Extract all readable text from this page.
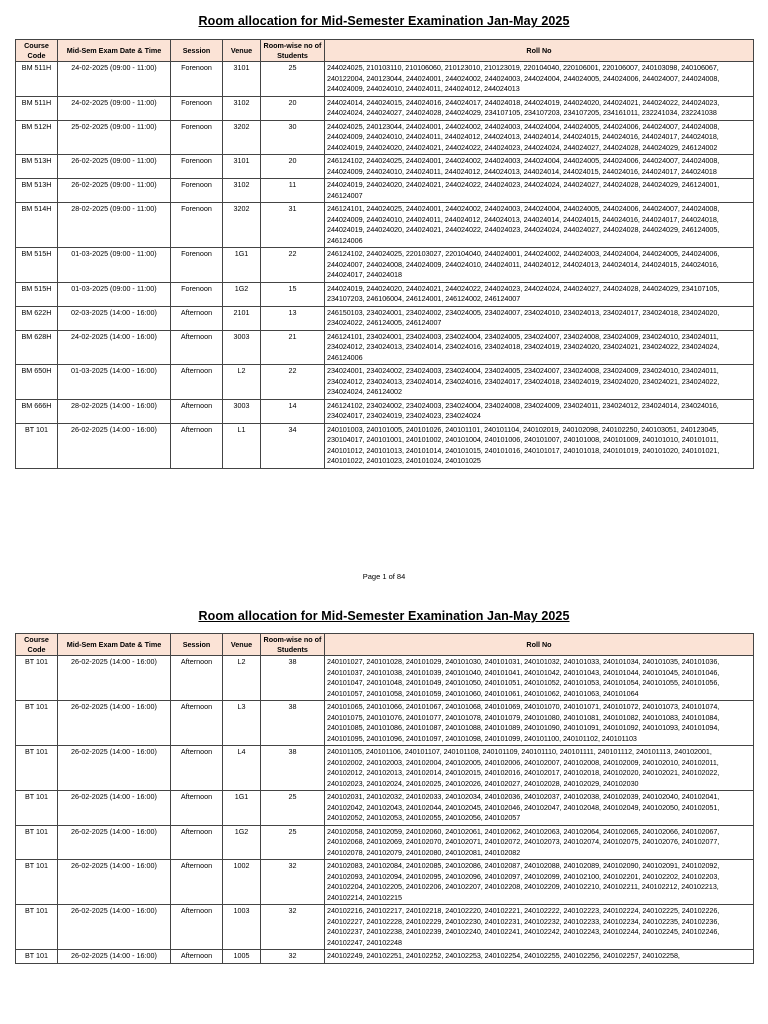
Room allocation for Mid-Semester Examination Jan-May 2025
Course Code	Mid-Sem Exam Date & Time	Session	Venue	Room-wise no of Students	Roll No
BM 511H	24-02-2025 (09:00 - 11:00)	Forenoon	3101	25	244024025, 210103110, 210106060, 210123010, 210123019, 220104040, 220106001, 220106007, 240103098, 240106067, 240122004, 240123044, 244024001, 244024002, 244024003, 244024004, 244024005, 244024006, 244024007, 244024008, 244024009, 244024010, 244024011, 244024012, 244024013
BM 511H	24-02-2025 (09:00 - 11:00)	Forenoon	3102	20	244024014, 244024015, 244024016, 244024017, 244024018, 244024019, 244024020, 244024021, 244024022, 244024023, 244024024, 244024027, 244024028, 244024029, 234107105, 234107203, 234107205, 234161011, 232241034, 232241038
BM 512H	25-02-2025 (09:00 - 11:00)	Forenoon	3202	30	244024025, 240123044, 244024001, 244024002, 244024003, 244024004, 244024005, 244024006, 244024007, 244024008, 244024009, 244024010, 244024011, 244024012, 244024013, 244024014, 244024015, 244024016, 244024017, 244024018, 244024019, 244024020, 244024021, 244024022, 244024023, 244024024, 244024027, 244024028, 244024029, 246124002
BM 513H	26-02-2025 (09:00 - 11:00)	Forenoon	3101	20	246124102, 244024025, 244024001, 244024002, 244024003, 244024004, 244024005, 244024006, 244024007, 244024008, 244024009, 244024010, 244024011, 244024012, 244024013, 244024014, 244024015, 244024016, 244024017, 244024018
BM 513H	26-02-2025 (09:00 - 11:00)	Forenoon	3102	11	244024019, 244024020, 244024021, 244024022, 244024023, 244024024, 244024027, 244024028, 244024029, 246124001, 246124007
BM 514H	28-02-2025 (09:00 - 11:00)	Forenoon	3202	31	246124101, 244024025, 244024001, 244024002, 244024003, 244024004, 244024005, 244024006, 244024007, 244024008, 244024009, 244024010, 244024011, 244024012, 244024013, 244024014, 244024015, 244024016, 244024017, 244024018, 244024019, 244024020, 244024021, 244024022, 244024023, 244024024, 244024027, 244024028, 244024029, 246124005, 246124006
BM 515H	01-03-2025 (09:00 - 11:00)	Forenoon	1G1	22	246124102, 244024025, 220103027, 220104040, 244024001, 244024002, 244024003, 244024004, 244024005, 244024006, 244024007, 244024008, 244024009, 244024010, 244024011, 244024012, 244024013, 244024014, 244024015, 244024016, 244024017, 244024018
BM 515H	01-03-2025 (09:00 - 11:00)	Forenoon	1G2	15	244024019, 244024020, 244024021, 244024022, 244024023, 244024024, 244024027, 244024028, 244024029, 234107105, 234107203, 246106004, 246124001, 246124002, 246124007
BM 622H	02-03-2025 (14:00 - 16:00)	Afternoon	2101	13	246150103, 234024001, 234024002, 234024005, 234024007, 234024010, 234024013, 234024017, 234024018, 234024020, 234024022, 246124005, 246124007
BM 628H	24-02-2025 (14:00 - 16:00)	Afternoon	3003	21	246124101, 234024001, 234024003, 234024004, 234024005, 234024007, 234024008, 234024009, 234024010, 234024011, 234024012, 234024013, 234024014, 234024016, 234024018, 234024019, 234024020, 234024021, 234024022, 234024024, 246124006
BM 650H	01-03-2025 (14:00 - 16:00)	Afternoon	L2	22	234024001, 234024002, 234024003, 234024004, 234024005, 234024007, 234024008, 234024009, 234024010, 234024011, 234024012, 234024013, 234024014, 234024016, 234024017, 234024018, 234024019, 234024020, 234024021, 234024022, 234024024, 246124002
BM 666H	28-02-2025 (14:00 - 16:00)	Afternoon	3003	14	246124102, 234024002, 234024003, 234024004, 234024008, 234024009, 234024011, 234024012, 234024014, 234024016, 234024017, 234024019, 234024023, 234024024
BT 101	26-02-2025 (14:00 - 16:00)	Afternoon	L1	34	240101003, 240101005, 240101026, 240101101, 240101104, 240102019, 240102098, 240102250, 240103051, 240123045, 230104017, 240101001, 240101002, 240101004, 240101006, 240101007, 240101008, 240101009, 240101010, 240101011, 240101012, 240101013, 240101014, 240101015, 240101016, 240101017, 240101018, 240101019, 240101020, 240101021, 240101022, 240101023, 240101024, 240101025
Page 1 of 84
Room allocation for Mid-Semester Examination Jan-May 2025
Course Code	Mid-Sem Exam Date & Time	Session	Venue	Room-wise no of Students	Roll No
BT 101	26-02-2025 (14:00 - 16:00)	Afternoon	L2	38	240101027, 240101028, 240101029, 240101030, 240101031, 240101032, 240101033, 240101034, 240101035, 240101036, 240101037, 240101038, 240101039, 240101040, 240101041, 240101042, 240101043, 240101044, 240101045, 240101046, 240101047, 240101048, 240101049, 240101050, 240101051, 240101052, 240101053, 240101054, 240101055, 240101056, 240101057, 240101058, 240101059, 240101060, 240101061, 240101062, 240101063, 240101064
BT 101	26-02-2025 (14:00 - 16:00)	Afternoon	L3	38	240101065, 240101066, 240101067, 240101068, 240101069, 240101070, 240101071, 240101072, 240101073, 240101074, 240101075, 240101076, 240101077, 240101078, 240101079, 240101080, 240101081, 240101082, 240101083, 240101084, 240101085, 240101086, 240101087, 240101088, 240101089, 240101090, 240101091, 240101092, 240101093, 240101094, 240101095, 240101096, 240101097, 240101098, 240101099, 240101100, 240101102, 240101103
BT 101	26-02-2025 (14:00 - 16:00)	Afternoon	L4	38	240101105, 240101106, 240101107, 240101108, 240101109, 240101110, 240101111, 240101112, 240101113, 240102001, 240102002, 240102003, 240102004, 240102005, 240102006, 240102007, 240102008, 240102009, 240102010, 240102011, 240102012, 240102013, 240102014, 240102015, 240102016, 240102017, 240102018, 240102020, 240102021, 240102022, 240102023, 240102024, 240102025, 240102026, 240102027, 240102028, 240102029, 240102030
BT 101	26-02-2025 (14:00 - 16:00)	Afternoon	1G1	25	240102031, 240102032, 240102033, 240102034, 240102036, 240102037, 240102038, 240102039, 240102040, 240102041, 240102042, 240102043, 240102044, 240102045, 240102046, 240102047, 240102048, 240102049, 240102050, 240102051, 240102052, 240102053, 240102055, 240102056, 240102057
BT 101	26-02-2025 (14:00 - 16:00)	Afternoon	1G2	25	240102058, 240102059, 240102060, 240102061, 240102062, 240102063, 240102064, 240102065, 240102066, 240102067, 240102068, 240102069, 240102070, 240102071, 240102072, 240102073, 240102074, 240102075, 240102076, 240102077, 240102078, 240102079, 240102080, 240102081, 240102082
BT 101	26-02-2025 (14:00 - 16:00)	Afternoon	1002	32	240102083, 240102084, 240102085, 240102086, 240102087, 240102088, 240102089, 240102090, 240102091, 240102092, 240102093, 240102094, 240102095, 240102096, 240102097, 240102099, 240102100, 240102201, 240102202, 240102203, 240102204, 240102205, 240102206, 240102207, 240102208, 240102209, 240102210, 240102211, 240102212, 240102213, 240102214, 240102215
BT 101	26-02-2025 (14:00 - 16:00)	Afternoon	1003	32	240102216, 240102217, 240102218, 240102220, 240102221, 240102222, 240102223, 240102224, 240102225, 240102226, 240102227, 240102228, 240102229, 240102230, 240102231, 240102232, 240102233, 240102234, 240102235, 240102236, 240102237, 240102238, 240102239, 240102240, 240102241, 240102242, 240102243, 240102244, 240102245, 240102246, 240102247, 240102248
BT 101	26-02-2025 (14:00 - 16:00)	Afternoon	1005	32	240102249, 240102251, 240102252, 240102253, 240102254, 240102255, 240102256, 240102257, 240102258,
